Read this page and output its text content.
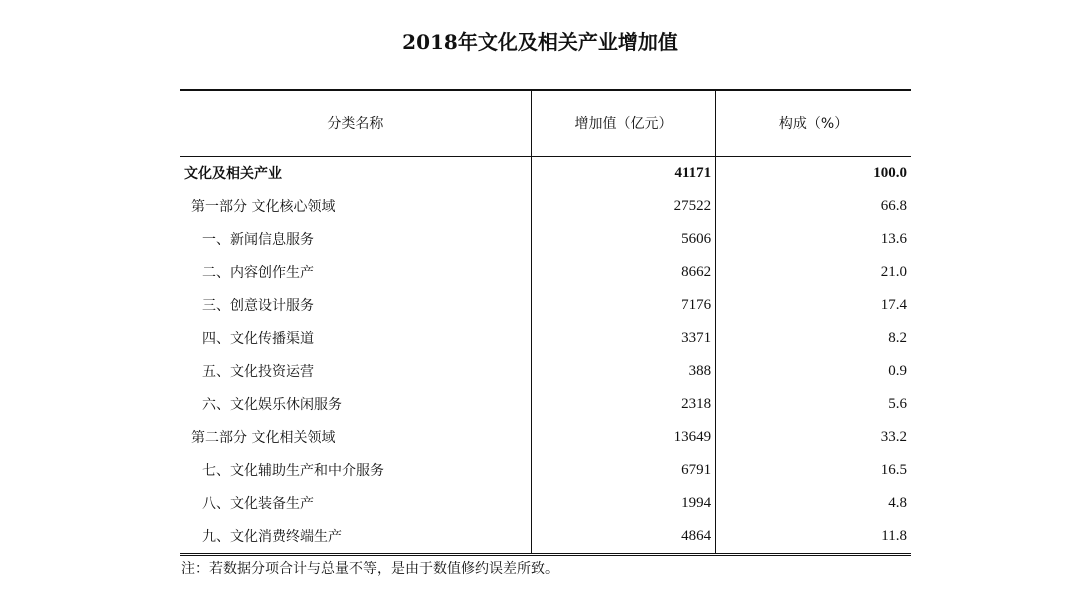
2018年文化及相关产业增加值
分类名称	增加值（亿元）	构成（%）
文化及相关产业	41171	100.0
第一部分 文化核心领域	27522	66.8
一、新闻信息服务	5606	13.6
二、内容创作生产	8662	21.0
三、创意设计服务	7176	17.4
四、文化传播渠道	3371	8.2
五、文化投资运营	388	0.9
六、文化娱乐休闲服务	2318	5.6
第二部分 文化相关领域	13649	33.2
七、文化辅助生产和中介服务	6791	16.5
八、文化装备生产	1994	4.8
九、文化消费终端生产	4864	11.8
注：若数据分项合计与总量不等，是由于数值修约误差所致。
